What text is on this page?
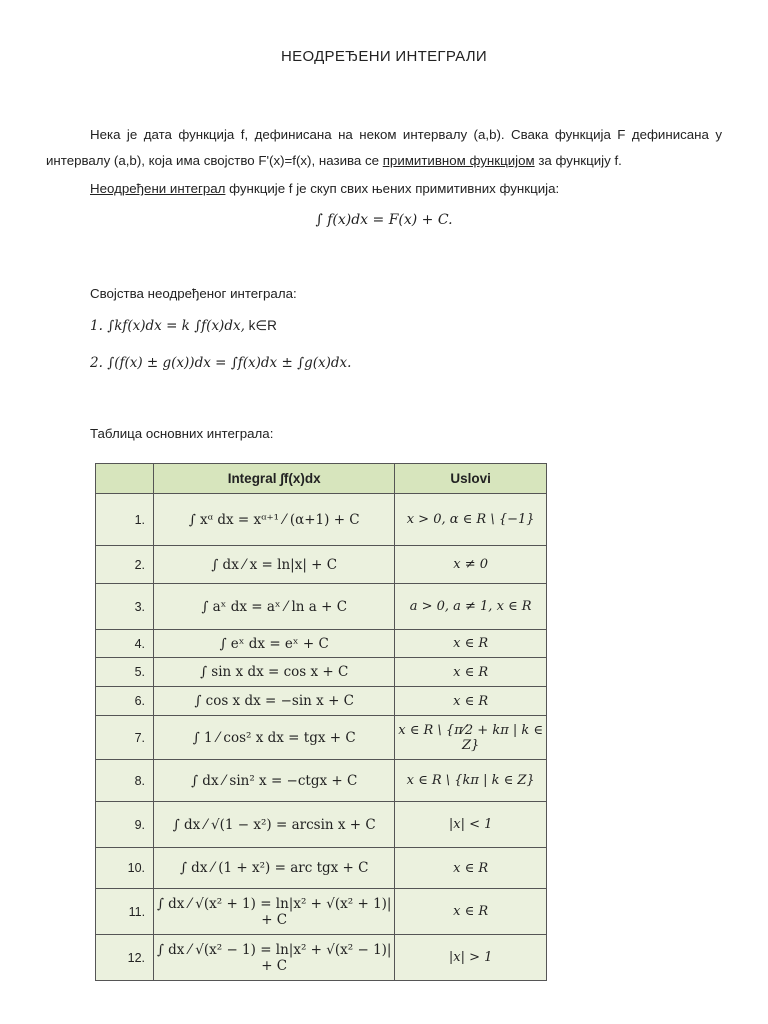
НЕОДРЕЂЕНИ ИНТЕГРАЛИ
Нека је дата функција f, дефинисана на неком интервалу (a,b). Свака функција F дефинисана у интервалу (a,b), која има својство F'(x)=f(x), назива се примитивном функцијом за функцију f.
Неодређени интеграл функције f је скуп свих њених примитивних функција:
∫ f(x)dx = F(x) + C.
Својства неодређеног интеграла:
1. ∫kf(x)dx = k ∫f(x)dx, k∈R
2. ∫(f(x) ± g(x))dx = ∫f(x)dx ± ∫g(x)dx.
Таблица основних интеграла:
	Integral ∫f(x)dx	Uslovi
1.	∫ xᵅ dx = xᵅ⁺¹ ⁄ (α+1) + C	x > 0, α ∈ R \ {−1}
2.	∫ dx ⁄ x = ln|x| + C	x ≠ 0
3.	∫ aˣ dx = aˣ ⁄ ln a + C	a > 0, a ≠ 1, x ∈ R
4.	∫ eˣ dx = eˣ + C	x ∈ R
5.	∫ sin x dx = cos x + C	x ∈ R
6.	∫ cos x dx = −sin x + C	x ∈ R
7.	∫ 1 ⁄ cos² x dx = tgx + C	x ∈ R \ {π⁄2 + kπ | k ∈ Z}
8.	∫ dx ⁄ sin² x = −ctgx + C	x ∈ R \ {kπ | k ∈ Z}
9.	∫ dx ⁄ √(1 − x²) = arcsin x + C	|x| < 1
10.	∫ dx ⁄ (1 + x²) = arc tgx + C	x ∈ R
11.	∫ dx ⁄ √(x² + 1) = ln|x² + √(x² + 1)| + C	x ∈ R
12.	∫ dx ⁄ √(x² − 1) = ln|x² + √(x² − 1)| + C	|x| > 1
